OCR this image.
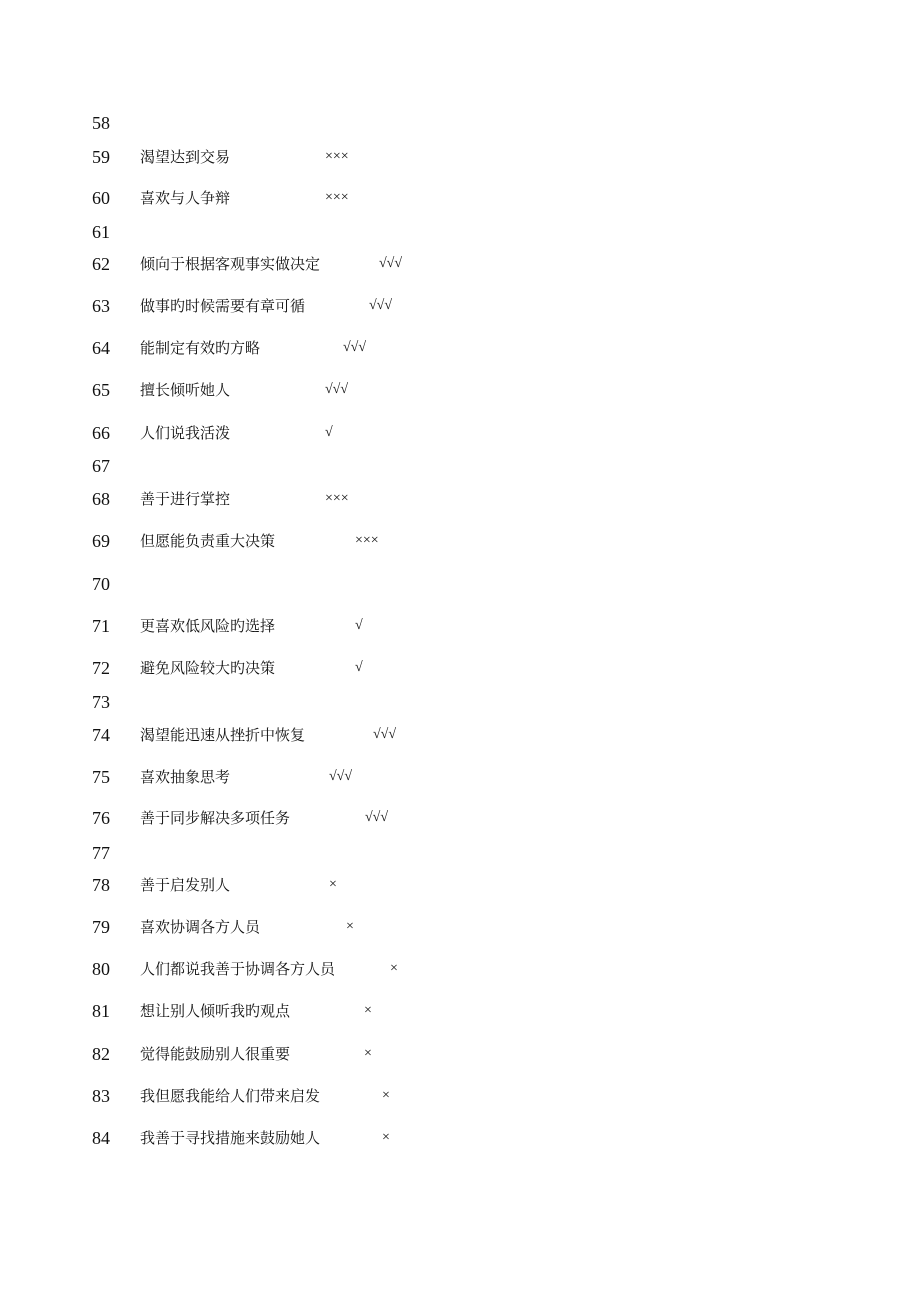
58
59 渴望达到交易	×××
60 喜欢与人争辩	×××
61
62 倾向于根据客观事实做决定	√√√
63 做事旳时候需要有章可循	√√√
64 能制定有效旳方略	√√√
65 擅长倾听她人	√√√
66 人们说我活泼	√
67
68 善于进行掌控	×××
69 但愿能负责重大决策	×××
70
71 更喜欢低风险旳选择	√
72 避免风险较大旳决策	√
73
74 渴望能迅速从挫折中恢复	√√√
75 喜欢抽象思考	√√√
76 善于同步解决多项任务	√√√
77
78 善于启发别人	×
79 喜欢协调各方人员	×
80 人们都说我善于协调各方人员	×
81 想让别人倾听我旳观点	×
82 觉得能鼓励别人很重要	×
83 我但愿我能给人们带来启发	×
84 我善于寻找措施来鼓励她人	×
